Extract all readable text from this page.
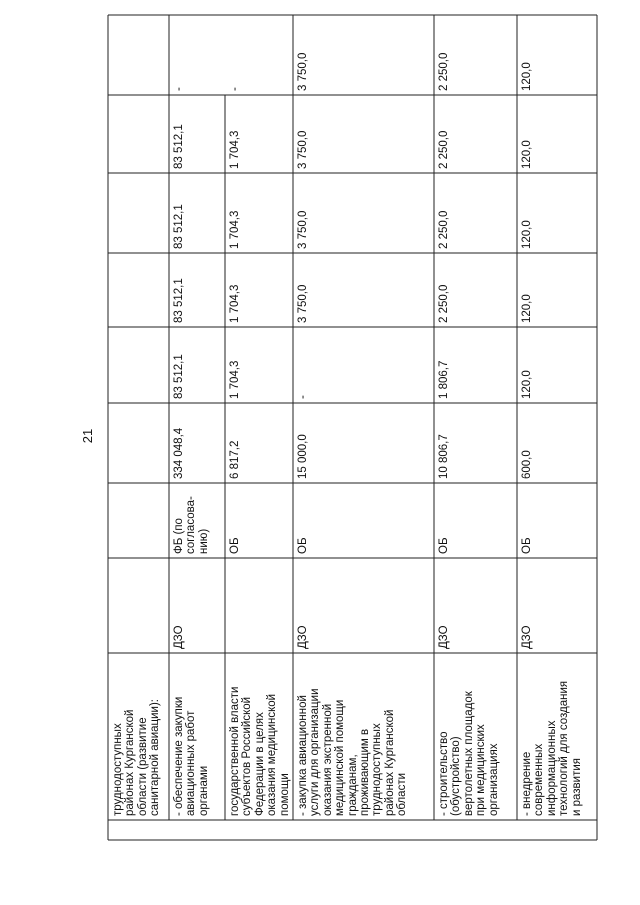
21
труднодоступных
районах Курганской
области (развитие
санитарной авиации):
- обеспечение закупки
авиационных работ
органами
ДЗО
ФБ (по
согласова-
нию)
334 048,4
83 512,1
83 512,1
83 512,1
83 512,1
-
государственной власти
субъектов Российской
Федерации в целях
оказания медицинской
помощи
ОБ
6 817,2
1 704,3
1 704,3
1 704,3
1 704,3
-
- закупка авиационной
услуги для организации
оказания экстренной
медицинской помощи
гражданам,
проживающим в
труднодоступных
районах Курганской
области
ДЗО
ОБ
15 000,0
-
3 750,0
3 750,0
3 750,0
3 750,0
- строительство
(обустройство)
вертолетных площадок
при медицинских
организациях
ДЗО
ОБ
10 806,7
1 806,7
2 250,0
2 250,0
2 250,0
2 250,0
- внедрение
современных
информационных
технологий для создания
и развития
ДЗО
ОБ
600,0
120,0
120,0
120,0
120,0
120,0
